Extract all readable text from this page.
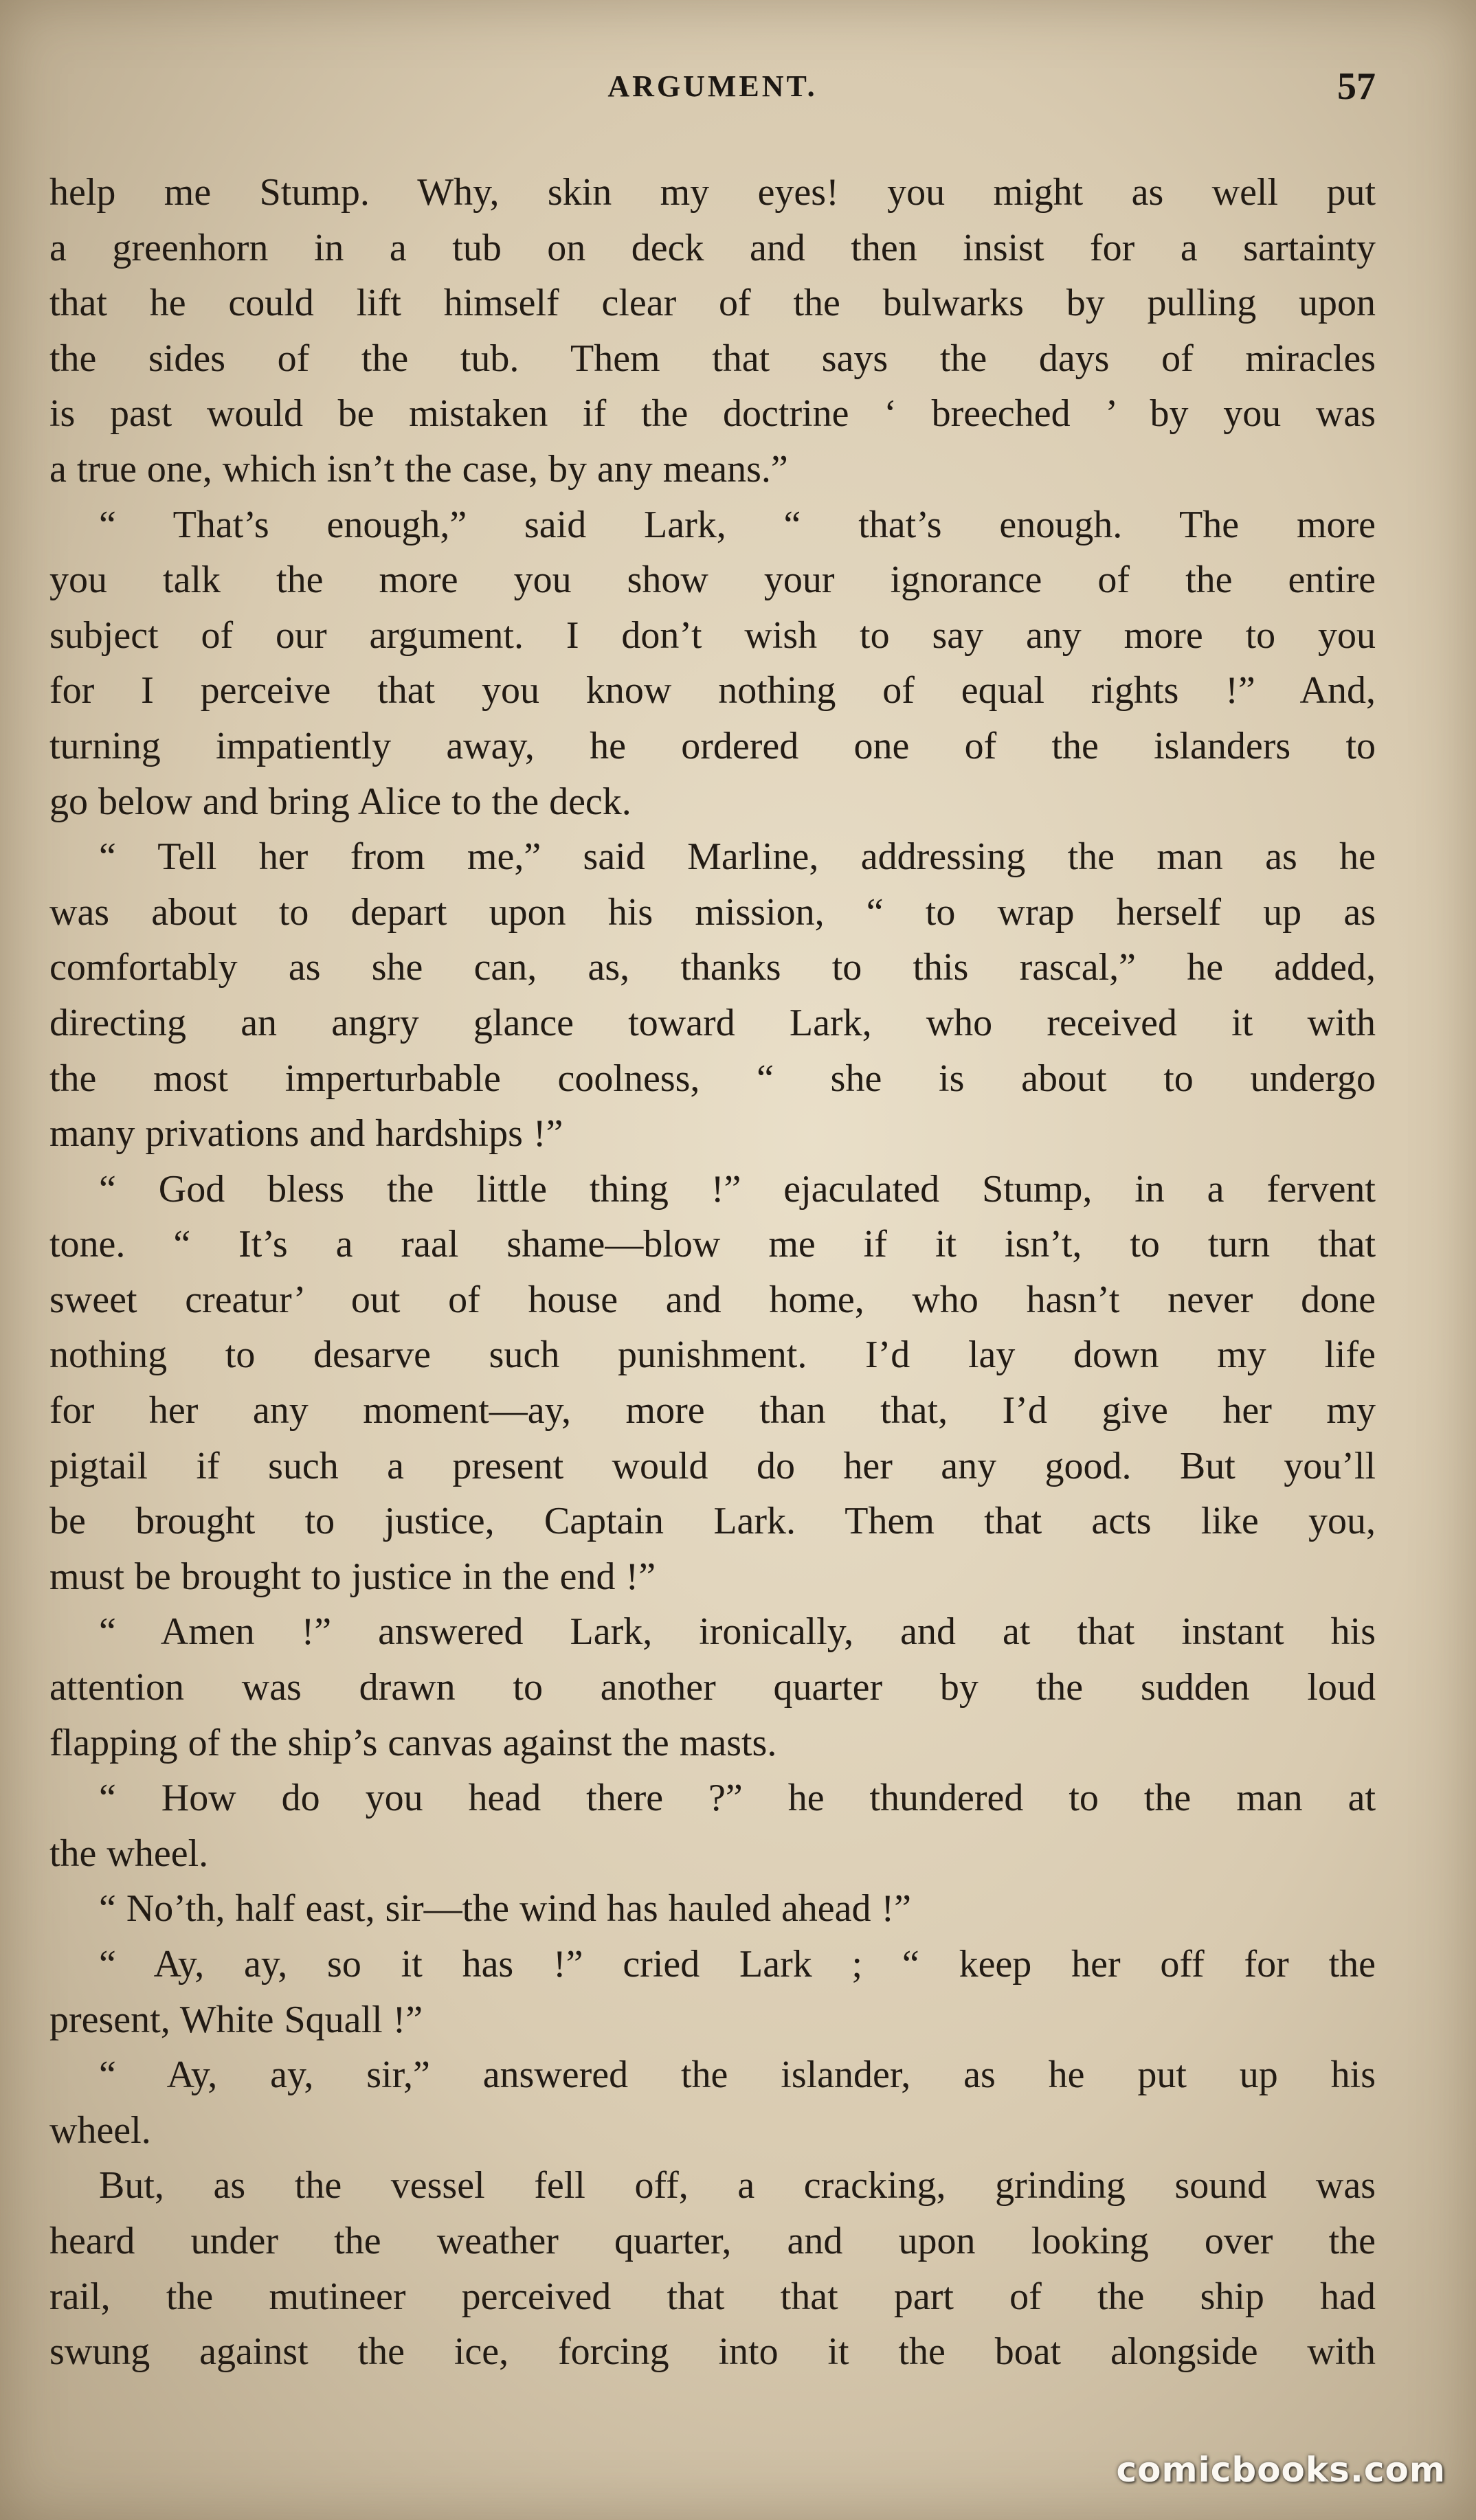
ARGUMENT.	57
help me Stump. Why, skin my eyes! you might as well put
a greenhorn in a tub on deck and then insist for a sartainty
that he could lift himself clear of the bulwarks by pulling upon
the sides of the tub. Them that says the days of miracles
is past would be mistaken if the doctrine ‘ breeched ’ by you was
a true one, which isn’t the case, by any means.”
“ That’s enough,” said Lark, “ that’s enough. The more
you talk the more you show your ignorance of the entire
subject of our argument. I don’t wish to say any more to you
for I perceive that you know nothing of equal rights !” And,
turning impatiently away, he ordered one of the islanders to
go below and bring Alice to the deck.
“ Tell her from me,” said Marline, addressing the man as he
was about to depart upon his mission, “ to wrap herself up as
comfortably as she can, as, thanks to this rascal,” he added,
directing an angry glance toward Lark, who received it with
the most imperturbable coolness, “ she is about to undergo
many privations and hardships !”
“ God bless the little thing !” ejaculated Stump, in a fervent
tone. “ It’s a raal shame—blow me if it isn’t, to turn that
sweet creatur’ out of house and home, who hasn’t never done
nothing to desarve such punishment. I’d lay down my life
for her any moment—ay, more than that, I’d give her my
pigtail if such a present would do her any good. But you’ll
be brought to justice, Captain Lark. Them that acts like you,
must be brought to justice in the end !”
“ Amen !” answered Lark, ironically, and at that instant his
attention was drawn to another quarter by the sudden loud
flapping of the ship’s canvas against the masts.
“ How do you head there ?” he thundered to the man at
the wheel.
“ No’th, half east, sir—the wind has hauled ahead !”
“ Ay, ay, so it has !” cried Lark ; “ keep her off for the
present, White Squall !”
“ Ay, ay, sir,” answered the islander, as he put up his
wheel.
But, as the vessel fell off, a cracking, grinding sound was
heard under the weather quarter, and upon looking over the
rail, the mutineer perceived that that part of the ship had
swung against the ice, forcing into it the boat alongside with
comicbooks.com
